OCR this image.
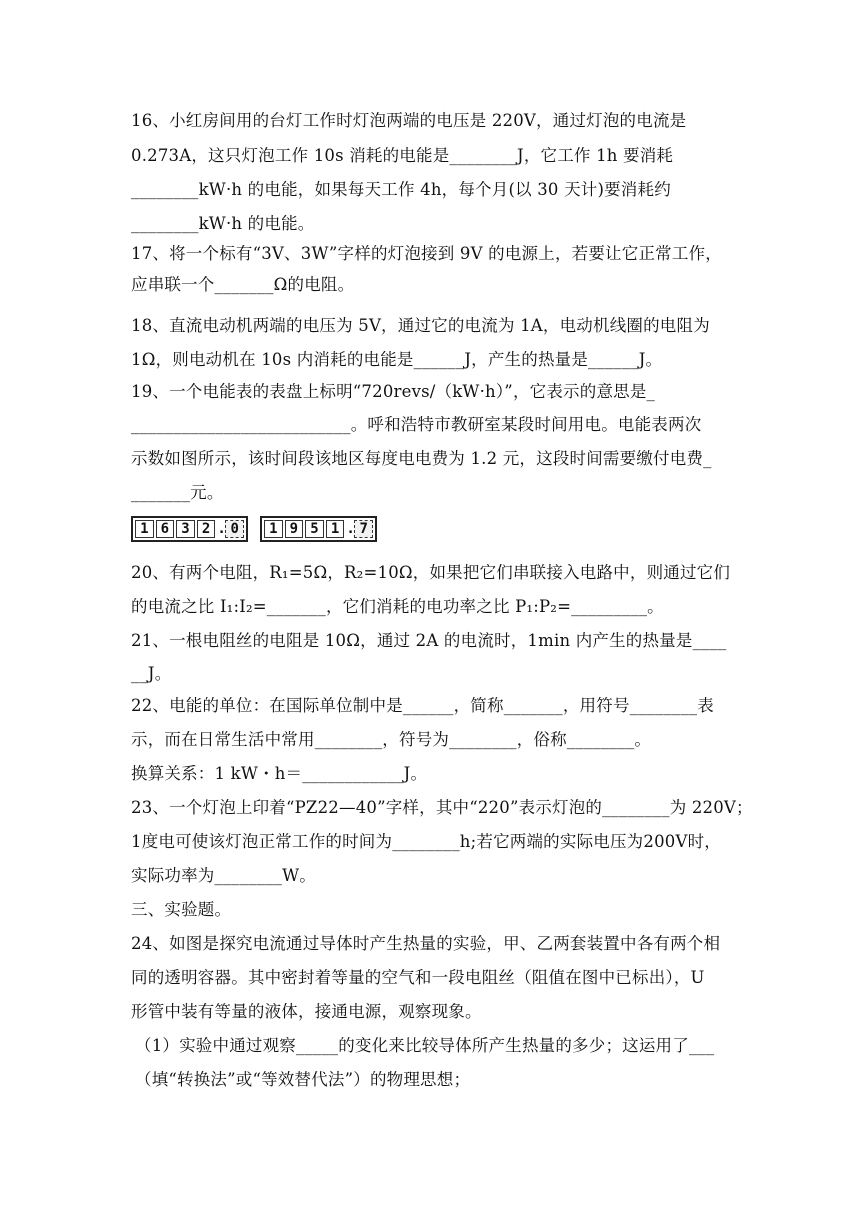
16、小红房间用的台灯工作时灯泡两端的电压是 220V，通过灯泡的电流是
0.273A，这只灯泡工作 10s 消耗的电能是________J，它工作 1h 要消耗
________kW·h 的电能，如果每天工作 4h，每个月(以 30 天计)要消耗约
________kW·h 的电能。
17、将一个标有“3V、3W”字样的灯泡接到 9V 的电源上，若要让它正常工作，
应串联一个_______Ω的电阻。
18、直流电动机两端的电压为 5V，通过它的电流为 1A，电动机线圈的电阻为
1Ω，则电动机在 10s 内消耗的电能是______J，产生的热量是______J。
19、一个电能表的表盘上标明“720revs/（kW·h）”，它表示的意思是_
__________________________。呼和浩特市教研室某段时间用电。电能表两次
示数如图所示，该时间段该地区每度电电费为 1.2 元，这段时间需要缴付电费_
_______元。
1 6 3 2 . 0	1 9 5 1 . 7
20、有两个电阻，R₁=5Ω，R₂=10Ω，如果把它们串联接入电路中，则通过它们
的电流之比 I₁:I₂=_______，它们消耗的电功率之比 P₁:P₂=_________。
21、一根电阻丝的电阻是 10Ω，通过 2A 的电流时，1min 内产生的热量是____
__J。
22、电能的单位：在国际单位制中是______，简称_______，用符号________表
示，而在日常生活中常用________，符号为________，俗称________。
换算关系：1 kW・h＝____________J。
23、一个灯泡上印着“PZ22—40”字样，其中“220”表示灯泡的________为 220V；
1度电可使该灯泡正常工作的时间为________h;若它两端的实际电压为200V时，
实际功率为________W。
三、实验题。
24、如图是探究电流通过导体时产生热量的实验，甲、乙两套装置中各有两个相
同的透明容器。其中密封着等量的空气和一段电阻丝（阻值在图中已标出），U
形管中装有等量的液体，接通电源，观察现象。
（1）实验中通过观察_____的变化来比较导体所产生热量的多少；这运用了___
（填“转换法”或“等效替代法”）的物理思想；
